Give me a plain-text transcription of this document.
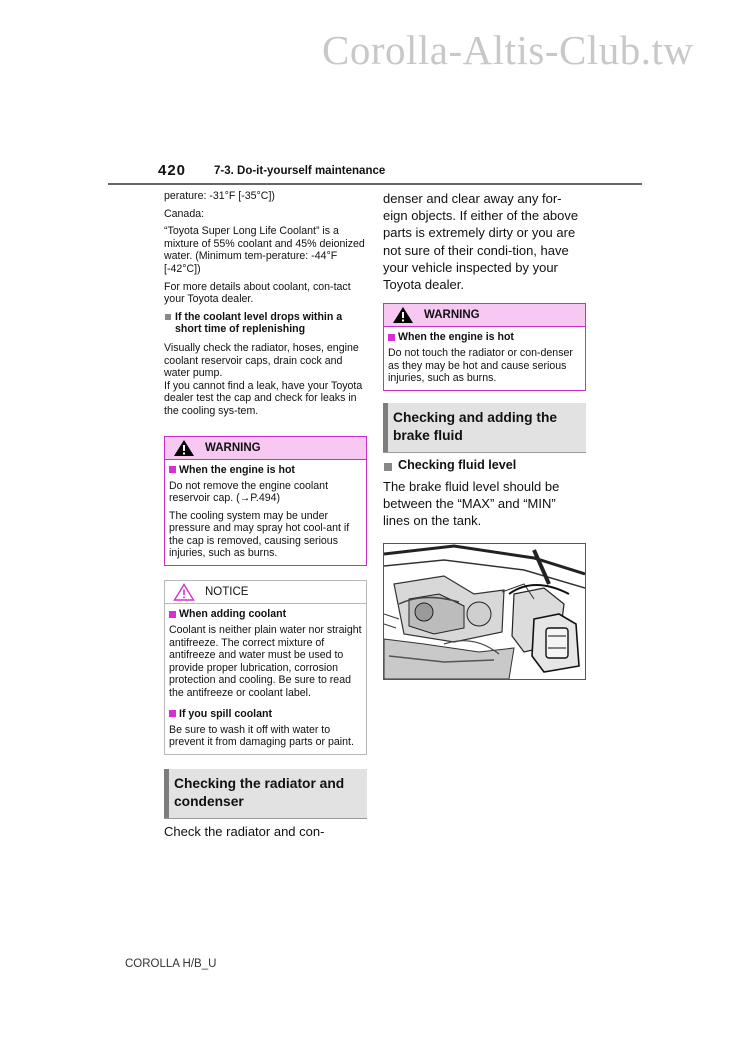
Corolla-Altis-Club.tw
420 7-3. Do-it-yourself maintenance

perature: -31°F [-35°C])

Canada:

“Toyota Super Long Life Coolant” is a mixture of 55% coolant and 45% deionized water. (Minimum tem-perature: -44°F [-42°C])

For more details about coolant, con-tact your Toyota dealer.

If the coolant level drops within a short time of replenishing

Visually check the radiator, hoses, engine coolant reservoir caps, drain cock and water pump.

If you cannot find a leak, have your Toyota dealer test the cap and check for leaks in the cooling sys-tem.

WARNING
When the engine is hot

Do not remove the engine coolant reservoir cap. (→P.494)

The cooling system may be under pressure and may spray hot cool-ant if the cap is removed, causing serious injuries, such as burns.

NOTICE
When adding coolant

Coolant is neither plain water nor straight antifreeze. The correct mixture of antifreeze and water must be used to provide proper lubrication, corrosion protection and cooling. Be sure to read the antifreeze or coolant label.

If you spill coolant

Be sure to wash it off with water to prevent it from damaging parts or paint.

Checking the radiator and condenser

Check the radiator and con-

denser and clear away any for-eign objects. If either of the above parts is extremely dirty or you are not sure of their condi-tion, have your vehicle inspected by your Toyota dealer.

WARNING
When the engine is hot

Do not touch the radiator or con-denser as they may be hot and cause serious injuries, such as burns.

Checking and adding the brake fluid
Checking fluid level

The brake fluid level should be between the “MAX” and “MIN” lines on the tank.

COROLLA H/B_U
